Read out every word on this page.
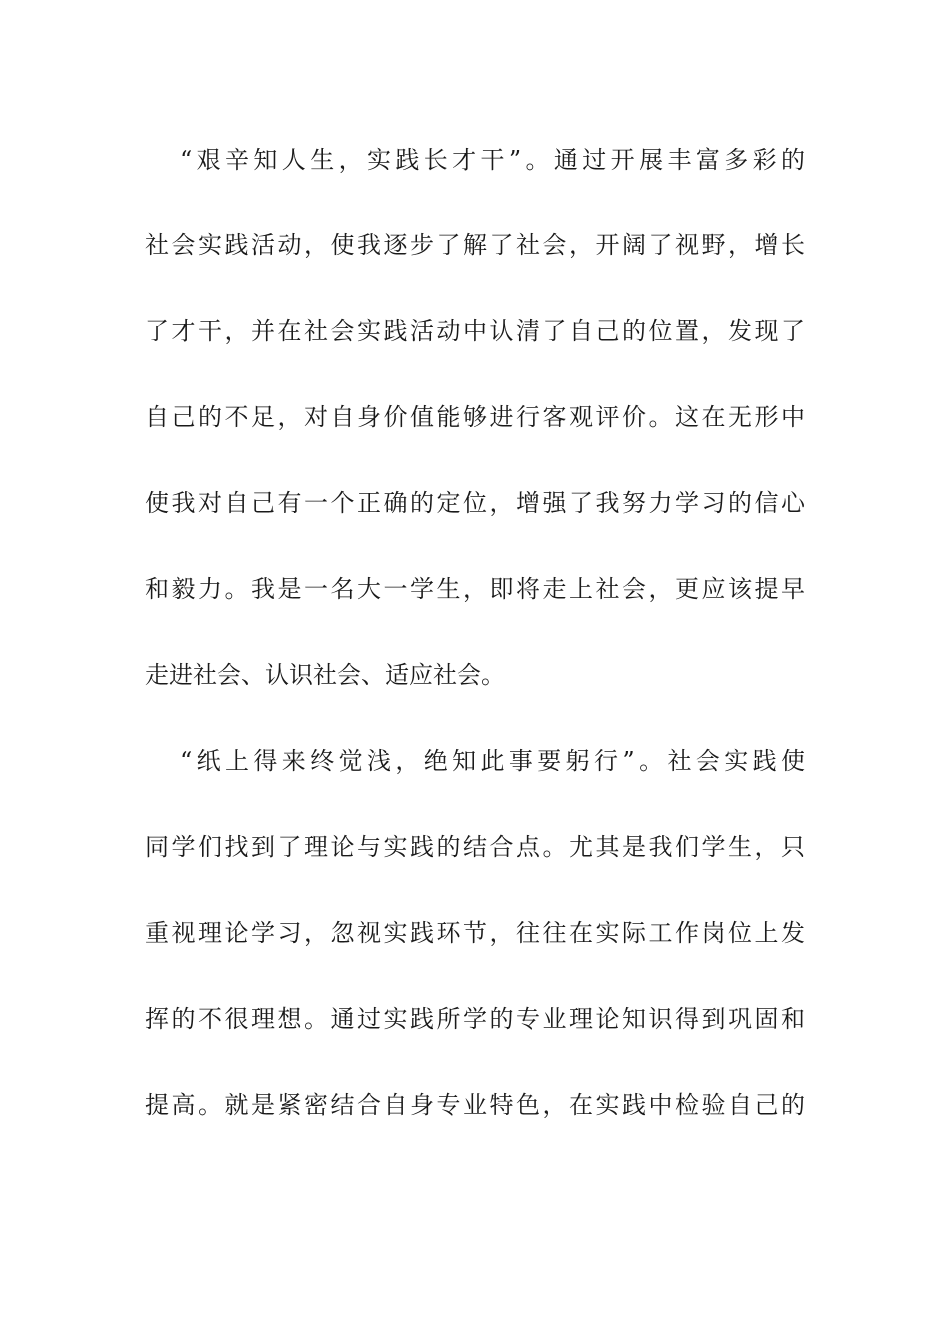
“艰辛知人生，实践长才干”。通过开展丰富多彩的
社会实践活动，使我逐步了解了社会，开阔了视野，增长
了才干，并在社会实践活动中认清了自己的位置，发现了
自己的不足，对自身价值能够进行客观评价。这在无形中
使我对自己有一个正确的定位，增强了我努力学习的信心
和毅力。我是一名大一学生，即将走上社会，更应该提早
走进社会、认识社会、适应社会。
“纸上得来终觉浅，绝知此事要躬行”。社会实践使
同学们找到了理论与实践的结合点。尤其是我们学生，只
重视理论学习，忽视实践环节，往往在实际工作岗位上发
挥的不很理想。通过实践所学的专业理论知识得到巩固和
提高。就是紧密结合自身专业特色，在实践中检验自己的
